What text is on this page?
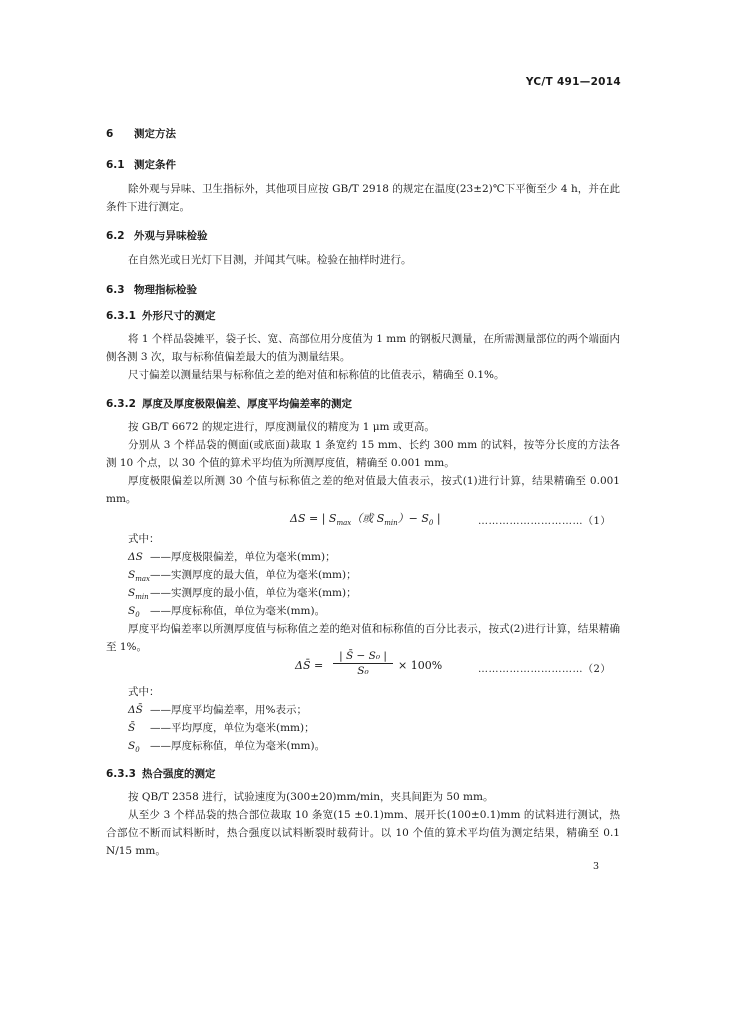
YC/T 491—2014
6 测定方法
6.1 测定条件
除外观与异味、卫生指标外，其他项目应按 GB/T 2918 的规定在温度(23±2)℃下平衡至少 4 h，并在此条件下进行测定。
6.2 外观与异味检验
在自然光或日光灯下目测，并闻其气味。检验在抽样时进行。
6.3 物理指标检验
6.3.1 外形尺寸的测定
将 1 个样品袋摊平，袋子长、宽、高部位用分度值为 1 mm 的钢板尺测量，在所需测量部位的两个端面内侧各测 3 次，取与标称值偏差最大的值为测量结果。
尺寸偏差以测量结果与标称值之差的绝对值和标称值的比值表示，精确至 0.1%。
6.3.2 厚度及厚度极限偏差、厚度平均偏差率的测定
按 GB/T 6672 的规定进行，厚度测量仪的精度为 1 μm 或更高。
分别从 3 个样品袋的侧面(或底面)裁取 1 条宽约 15 mm、长约 300 mm 的试料，按等分长度的方法各测 10 个点，以 30 个值的算术平均值为所测厚度值，精确至 0.001 mm。
厚度极限偏差以所测 30 个值与标称值之差的绝对值最大值表示，按式(1)进行计算，结果精确至 0.001 mm。
ΔS = | $S_{max}$（或 $S_{min})- S_0$ |	…………………………（1）
式中：
ΔS ——厚度极限偏差，单位为毫米(mm)；
$S_{max}——$实测厚度的最大值，单位为毫米(mm)；
$S_{min}——$实测厚度的最小值，单位为毫米(mm)；
$S_0$ ——厚度标称值，单位为毫米(mm)。
厚度平均偏差率以所测厚度值与标称值之差的绝对值和标称值的百分比表示，按式(2)进行计算，结果精确至 1%。
ΔS̄ = $\frac{\text{| S̄ − S₀ |}}{\text{S₀}} \times 100\%$	…………………………（2）
式中：
ΔS̄ ——厚度平均偏差率，用%表示；
S̄ ——平均厚度，单位为毫米(mm)；
$S_0$ ——厚度标称值，单位为毫米(mm)。
6.3.3 热合强度的测定
按 QB/T 2358 进行，试验速度为(300±20)mm/min，夹具间距为 50 mm。
从至少 3 个样品袋的热合部位裁取 10 条宽(15 ±0.1)mm、展开长(100±0.1)mm 的试料进行测试，热合部位不断而试料断时，热合强度以试料断裂时载荷计。以 10 个值的算术平均值为测定结果，精确至 0.1 N/15 mm。
3
